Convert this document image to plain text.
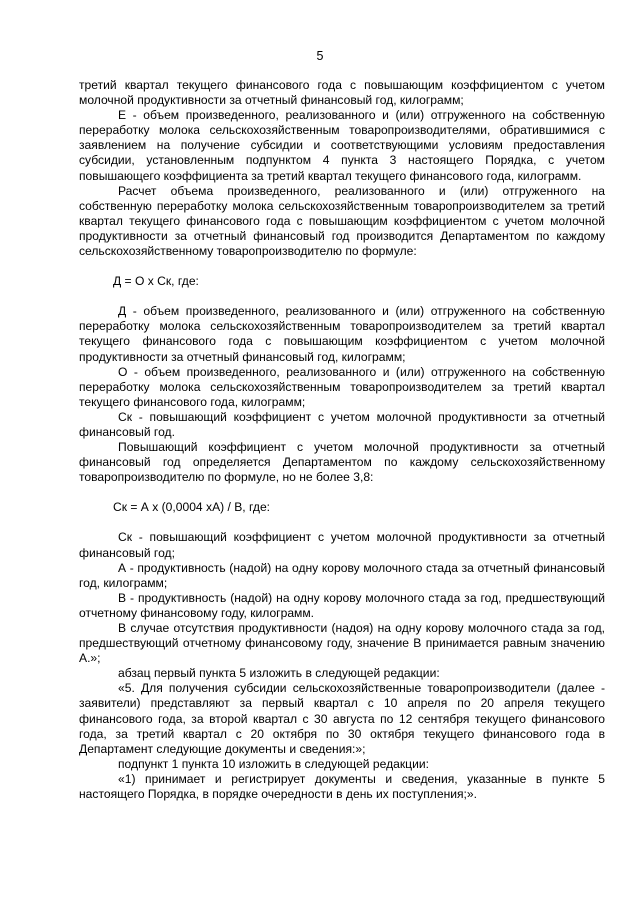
5

третий квартал текущего финансового года с повышающим коэффициентом с учетом молочной продуктивности за отчетный финансовый год, килограмм;

Е - объем произведенного, реализованного и (или) отгруженного на собственную переработку молока сельскохозяйственным товаропроизводителями, обратившимися с заявлением на получение субсидии и соответствующими условиям предоставления субсидии, установленным подпунктом 4 пункта 3 настоящего Порядка, с учетом повышающего коэффициента за третий квартал текущего финансового года, килограмм.

Расчет объема произведенного, реализованного и (или) отгруженного на собственную переработку молока сельскохозяйственным товаропроизводителем за третий квартал текущего финансового года с повышающим коэффициентом с учетом молочной продуктивности за отчетный финансовый год производится Департаментом по каждому сельскохозяйственному товаропроизводителю по формуле:

Д = О х Ск, где:

Д - объем произведенного, реализованного и (или) отгруженного на собственную переработку молока сельскохозяйственным товаропроизводителем за третий квартал текущего финансового года с повышающим коэффициентом с учетом молочной продуктивности за отчетный финансовый год, килограмм;

О - объем произведенного, реализованного и (или) отгруженного на собственную переработку молока сельскохозяйственным товаропроизводителем за третий квартал текущего финансового года, килограмм;

Ск - повышающий коэффициент с учетом молочной продуктивности за отчетный финансовый год.

Повышающий коэффициент с учетом молочной продуктивности за отчетный финансовый год определяется Департаментом по каждому сельскохозяйственному товаропроизводителю по формуле, но не более 3,8:

Ск = А х (0,0004 хА) / В, где:

Ск - повышающий коэффициент с учетом молочной продуктивности за отчетный финансовый год;

А - продуктивность (надой) на одну корову молочного стада за отчетный финансовый год, килограмм;

В - продуктивность (надой) на одну корову молочного стада за год, предшествующий отчетному финансовому году, килограмм.

В случае отсутствия продуктивности (надоя) на одну корову молочного стада за год, предшествующий отчетному финансовому году, значение В принимается равным значению А.»;

абзац первый пункта 5 изложить в следующей редакции:

«5. Для получения субсидии сельскохозяйственные товаропроизводители (далее - заявители) представляют за первый квартал с 10 апреля по 20 апреля текущего финансового года, за второй квартал с 30 августа по 12 сентября текущего финансового года, за третий квартал с 20 октября по 30 октября текущего финансового года в Департамент следующие документы и сведения:»;

подпункт 1 пункта 10 изложить в следующей редакции:

«1) принимает и регистрирует документы и сведения, указанные в пункте 5 настоящего Порядка, в порядке очередности в день их поступления;».
